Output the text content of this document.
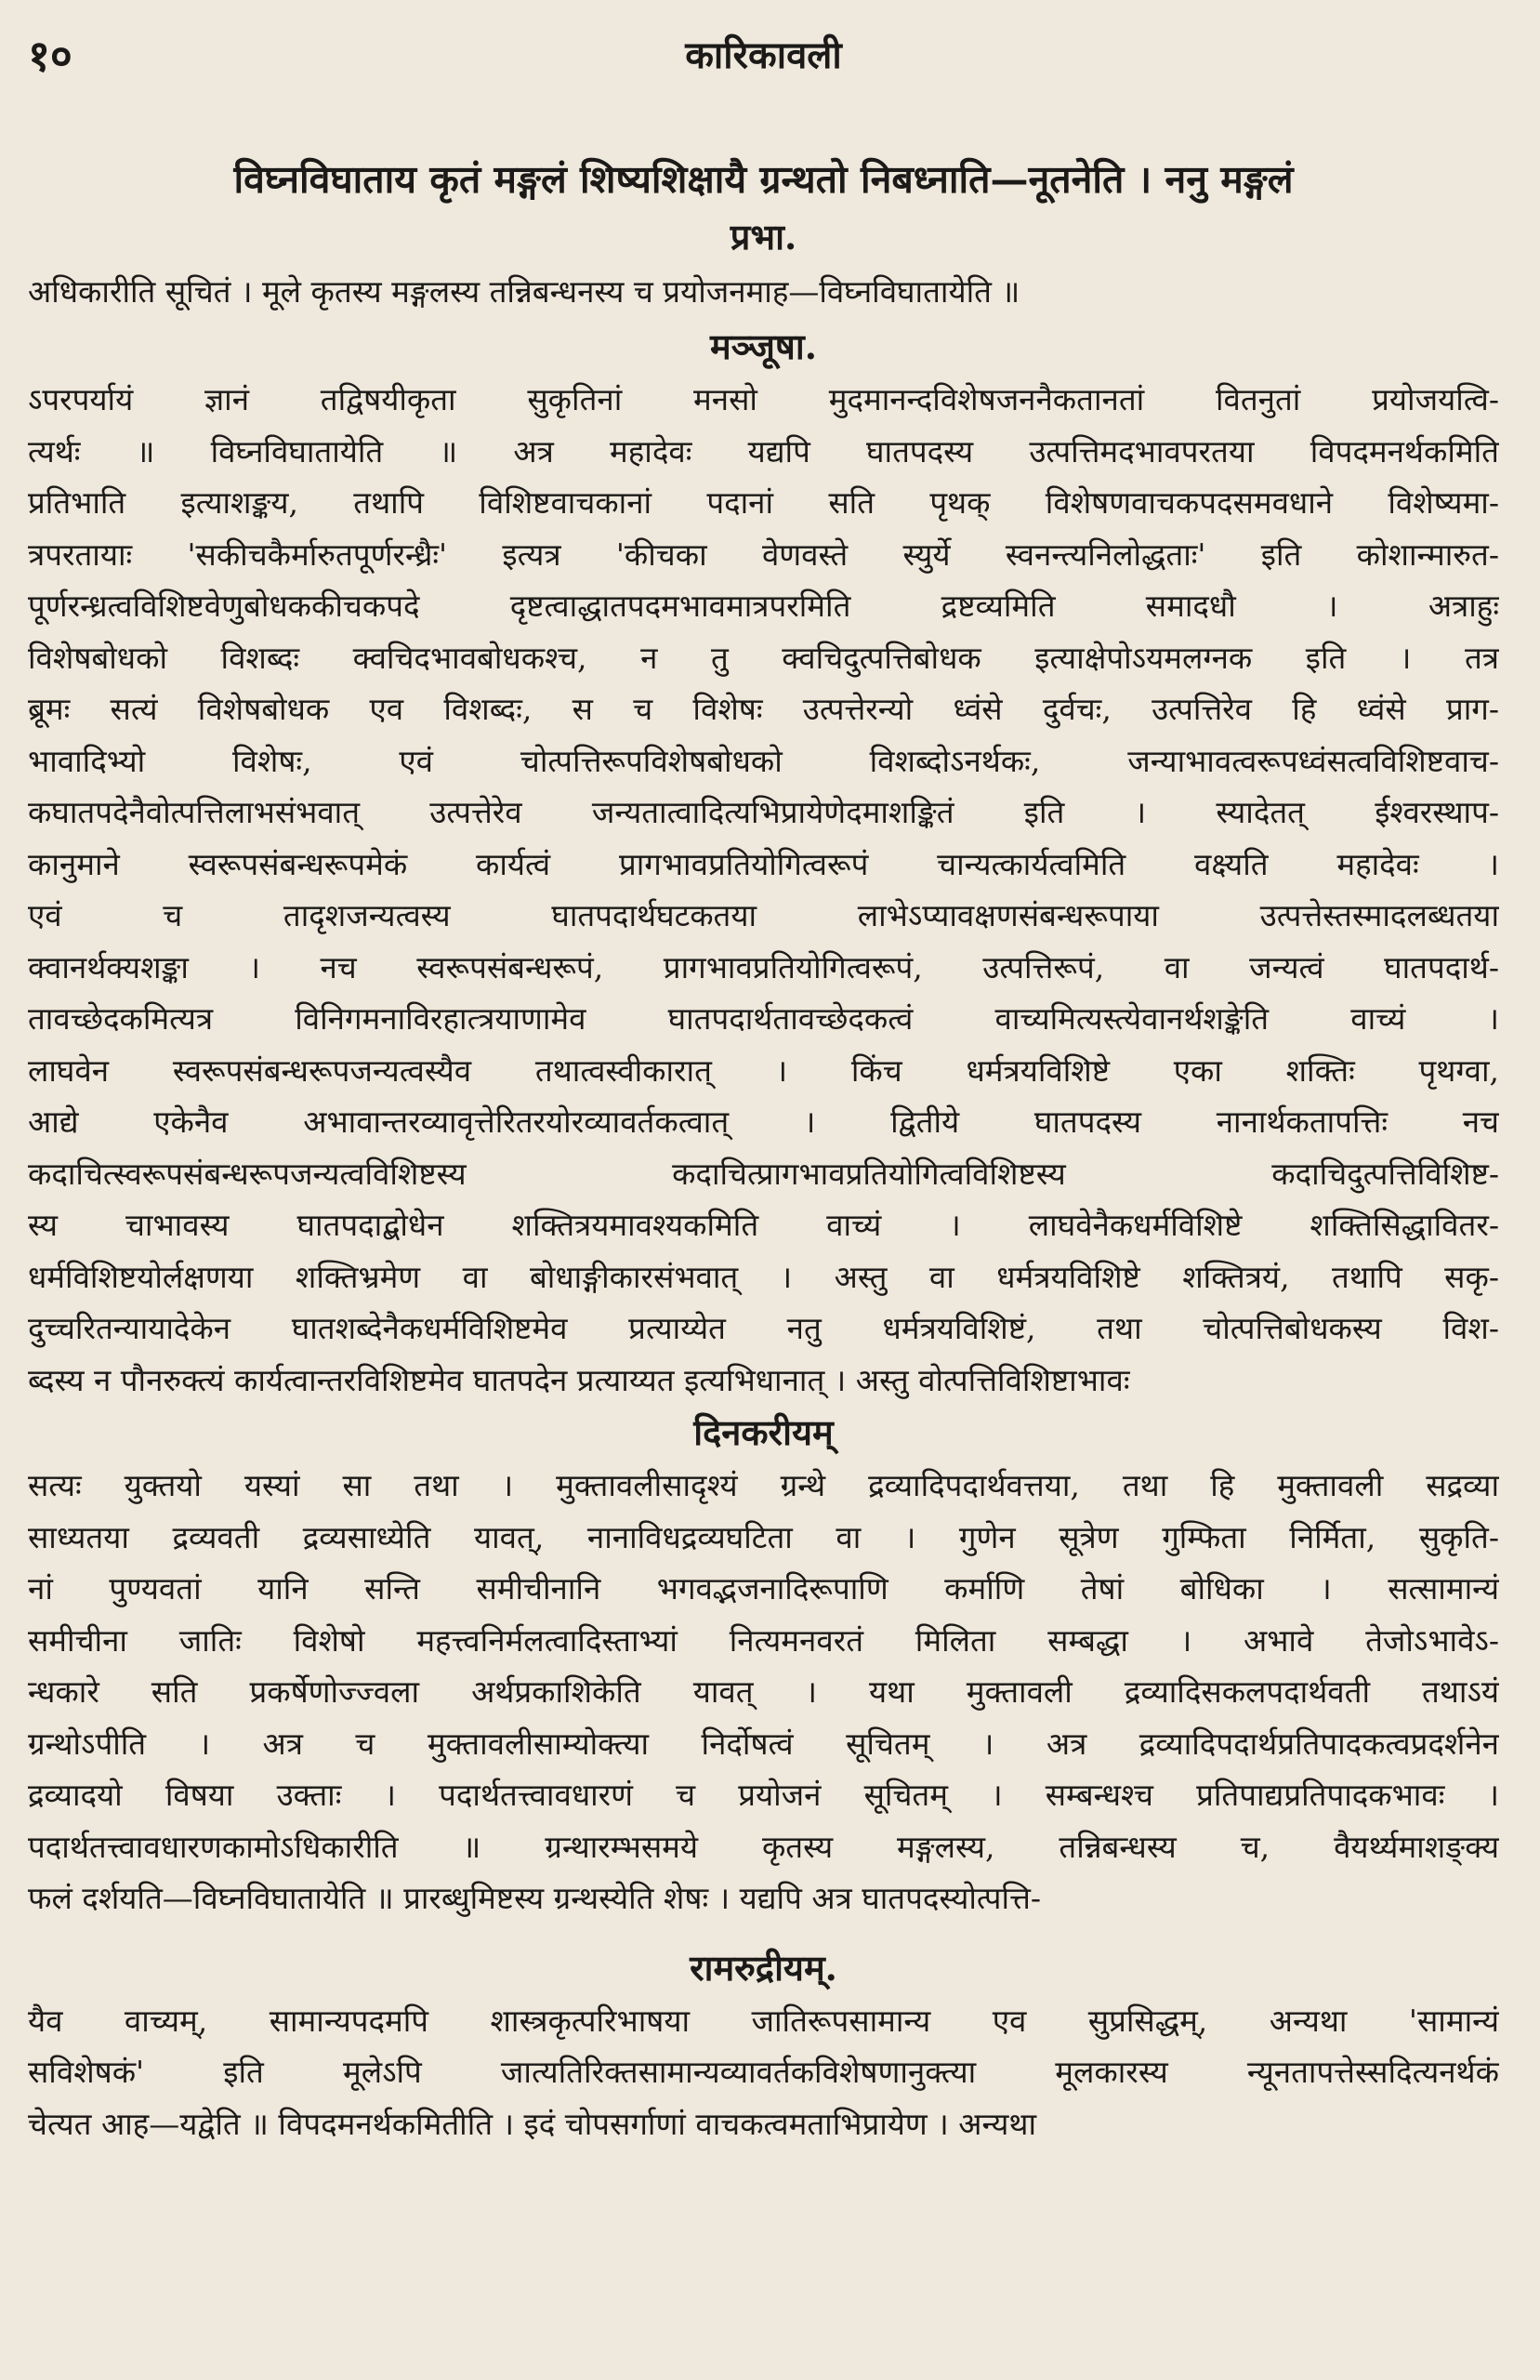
१०	कारिकावली
विघ्नविघाताय कृतं मङ्गलं शिष्यशिक्षायै ग्रन्थतो निबध्नाति—नूतनेति । ननु मङ्गलं
प्रभा.
अधिकारीति सूचितं । मूले कृतस्य मङ्गलस्य तन्निबन्धनस्य च प्रयोजनमाह—विघ्नविघातायेति ॥
मञ्जूषा.
ऽपरपर्यायं ज्ञानं तद्विषयीकृता सुकृतिनां मनसो मुदमानन्दविशेषजननैकतानतां वितनुतां प्रयोजयत्वि-
त्यर्थः ॥ विघ्नविघातायेति ॥ अत्र महादेवः यद्यपि घातपदस्य उत्पत्तिमदभावपरतया विपदमनर्थकमिति
प्रतिभाति इत्याशङ्कय, तथापि विशिष्टवाचकानां पदानां सति पृथक् विशेषणवाचकपदसमवधाने विशेष्यमा-
त्रपरतायाः 'सकीचकैर्मारुतपूर्णरन्ध्रैः' इत्यत्र 'कीचका वेणवस्ते स्युर्ये स्वनन्त्यनिलोद्धताः' इति कोशान्मारुत-
पूर्णरन्ध्रत्वविशिष्टवेणुबोधककीचकपदे दृष्टत्वाद्धातपदमभावमात्रपरमिति द्रष्टव्यमिति समादधौ । अत्राहुः
विशेषबोधको विशब्दः क्वचिदभावबोधकश्च, न तु क्वचिदुत्पत्तिबोधक इत्याक्षेपोऽयमलग्नक इति । तत्र
ब्रूमः सत्यं विशेषबोधक एव विशब्दः, स च विशेषः उत्पत्तेरन्यो ध्वंसे दुर्वचः, उत्पत्तिरेव हि ध्वंसे प्राग-
भावादिभ्यो विशेषः, एवं चोत्पत्तिरूपविशेषबोधको विशब्दोऽनर्थकः, जन्याभावत्वरूपध्वंसत्वविशिष्टवाच-
कघातपदेनैवोत्पत्तिलाभसंभवात् उत्पत्तेरेव जन्यतात्वादित्यभिप्रायेणेदमाशङ्कितं इति । स्यादेतत् ईश्वरस्थाप-
कानुमाने स्वरूपसंबन्धरूपमेकं कार्यत्वं प्रागभावप्रतियोगित्वरूपं चान्यत्कार्यत्वमिति वक्ष्यति महादेवः ।
एवं च तादृशजन्यत्वस्य घातपदार्थघटकतया लाभेऽप्यावक्षणसंबन्धरूपाया उत्पत्तेस्तस्मादलब्धतया
क्वानर्थक्यशङ्का । नच स्वरूपसंबन्धरूपं, प्रागभावप्रतियोगित्वरूपं, उत्पत्तिरूपं, वा जन्यत्वं घातपदार्थ-
तावच्छेदकमित्यत्र विनिगमनाविरहात्त्रयाणामेव घातपदार्थतावच्छेदकत्वं वाच्यमित्यस्त्येवानर्थशङ्केति वाच्यं ।
लाघवेन स्वरूपसंबन्धरूपजन्यत्वस्यैव तथात्वस्वीकारात् । किंच धर्मत्रयविशिष्टे एका शक्तिः पृथग्वा,
आद्ये एकेनैव अभावान्तरव्यावृत्तेरितरयोरव्यावर्तकत्वात् । द्वितीये घातपदस्य नानार्थकतापत्तिः नच
कदाचित्स्वरूपसंबन्धरूपजन्यत्वविशिष्टस्य कदाचित्प्रागभावप्रतियोगित्वविशिष्टस्य कदाचिदुत्पत्तिविशिष्ट-
स्य चाभावस्य घातपदाद्बोधेन शक्तित्रयमावश्यकमिति वाच्यं । लाघवेनैकधर्मविशिष्टे शक्तिसिद्धावितर-
धर्मविशिष्टयोर्लक्षणया शक्तिभ्रमेण वा बोधाङ्गीकारसंभवात् । अस्तु वा धर्मत्रयविशिष्टे शक्तित्रयं, तथापि सकृ-
दुच्चरितन्यायादेकेन घातशब्देनैकधर्मविशिष्टमेव प्रत्याय्येत नतु धर्मत्रयविशिष्टं, तथा चोत्पत्तिबोधकस्य विश-
ब्दस्य न पौनरुक्त्यं कार्यत्वान्तरविशिष्टमेव घातपदेन प्रत्याय्यत इत्यभिधानात् । अस्तु वोत्पत्तिविशिष्टाभावः
दिनकरीयम्
सत्यः युक्तयो यस्यां सा तथा । मुक्तावलीसादृश्यं ग्रन्थे द्रव्यादिपदार्थवत्तया, तथा हि मुक्तावली सद्रव्या
साध्यतया द्रव्यवती द्रव्यसाध्येति यावत्, नानाविधद्रव्यघटिता वा । गुणेन सूत्रेण गुम्फिता निर्मिता, सुकृति-
नां पुण्यवतां यानि सन्ति समीचीनानि भगवद्भजनादिरूपाणि कर्माणि तेषां बोधिका । सत्सामान्यं
समीचीना जातिः विशेषो महत्त्वनिर्मलत्वादिस्ताभ्यां नित्यमनवरतं मिलिता सम्बद्धा । अभावे तेजोऽभावेऽ-
न्धकारे सति प्रकर्षेणोज्ज्वला अर्थप्रकाशिकेति यावत् । यथा मुक्तावली द्रव्यादिसकलपदार्थवती तथाऽयं
ग्रन्थोऽपीति । अत्र च मुक्तावलीसाम्योक्त्या निर्दोषत्वं सूचितम् । अत्र द्रव्यादिपदार्थप्रतिपादकत्वप्रदर्शनेन
द्रव्यादयो विषया उक्ताः । पदार्थतत्त्वावधारणं च प्रयोजनं सूचितम् । सम्बन्धश्च प्रतिपाद्यप्रतिपादकभावः ।
पदार्थतत्त्वावधारणकामोऽधिकारीति ॥ ग्रन्थारम्भसमये कृतस्य मङ्गलस्य, तन्निबन्धस्य च, वैयर्थ्यमाशङ्क्य
फलं दर्शयति—विघ्नविघातायेति ॥ प्रारब्धुमिष्टस्य ग्रन्थस्येति शेषः । यद्यपि अत्र घातपदस्योत्पत्ति-
रामरुद्रीयम्.
यैव वाच्यम्, सामान्यपदमपि शास्त्रकृत्परिभाषया जातिरूपसामान्य एव सुप्रसिद्धम्, अन्यथा 'सामान्यं
सविशेषकं' इति मूलेऽपि जात्यतिरिक्तसामान्यव्यावर्तकविशेषणानुक्त्या मूलकारस्य न्यूनतापत्तेस्सदित्यनर्थकं
चेत्यत आह—यद्वेति ॥ विपदमनर्थकमितीति । इदं चोपसर्गाणां वाचकत्वमताभिप्रायेण । अन्यथा
